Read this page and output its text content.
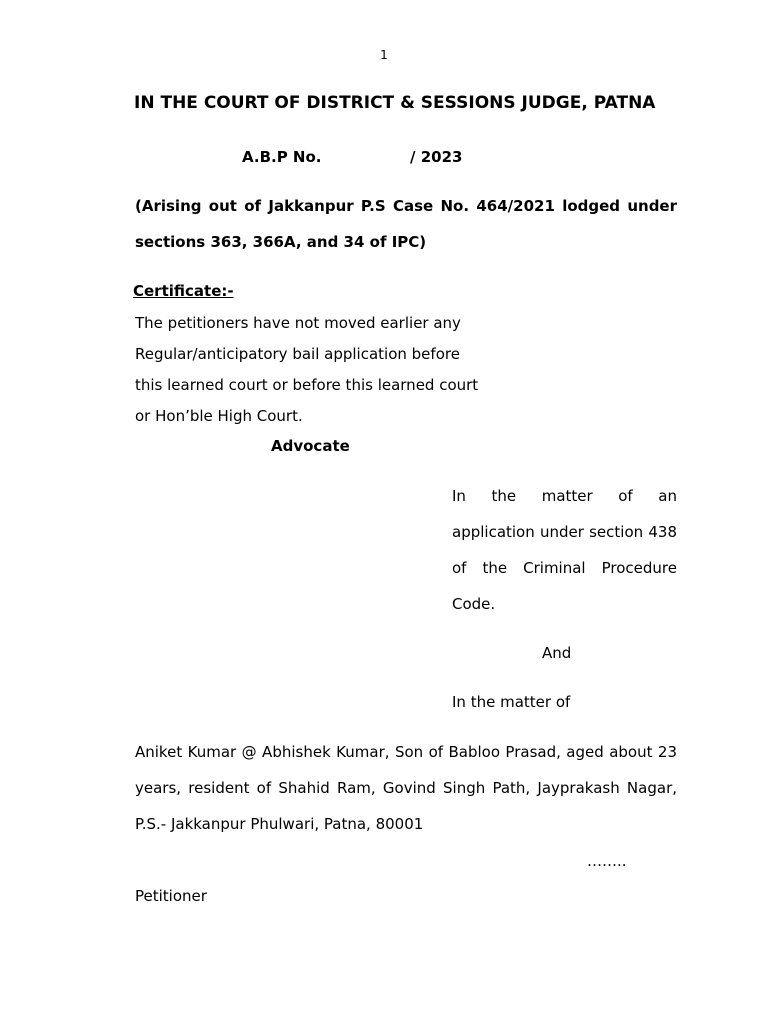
1
IN THE COURT OF DISTRICT & SESSIONS JUDGE, PATNA
A.B.P No.	/ 2023
(Arising out of Jakkanpur P.S Case No. 464/2021 lodged under
sections 363, 366A, and 34 of IPC)
Certificate:-
The petitioners have not moved earlier any
Regular/anticipatory bail application before
this learned court or before this learned court
or Hon’ble High Court.
Advocate
In the matter of an
application under section 438
of the Criminal Procedure
Code.
And
In the matter of
Aniket Kumar @ Abhishek Kumar, Son of Babloo Prasad, aged about 23
years, resident of Shahid Ram, Govind Singh Path, Jayprakash Nagar,
P.S.- Jakkanpur Phulwari, Patna, 80001
……..
Petitioner
